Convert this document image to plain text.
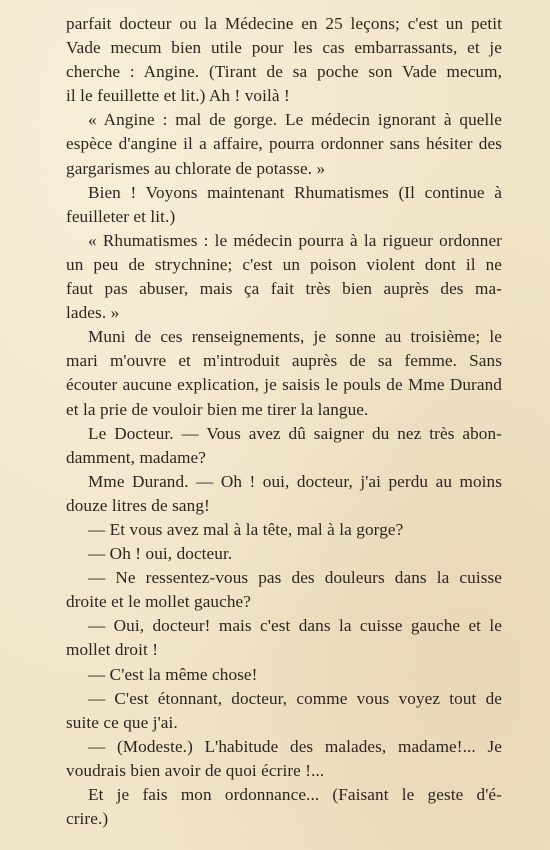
parfait docteur ou la Médecine en 25 leçons; c'est un petit
Vade mecum bien utile pour les cas embarrassants, et je
cherche : Angine. (Tirant de sa poche son Vade mecum,
il le feuillette et lit.) Ah ! voilà !
« Angine : mal de gorge. Le médecin ignorant à quelle
espèce d'angine il a affaire, pourra ordonner sans hésiter des
gargarismes au chlorate de potasse. »
Bien ! Voyons maintenant Rhumatismes (Il continue à
feuilleter et lit.)
« Rhumatismes : le médecin pourra à la rigueur ordonner
un peu de strychnine; c'est un poison violent dont il ne
faut pas abuser, mais ça fait très bien auprès des ma-
lades. »
Muni de ces renseignements, je sonne au troisième; le
mari m'ouvre et m'introduit auprès de sa femme. Sans
écouter aucune explication, je saisis le pouls de Mme Durand
et la prie de vouloir bien me tirer la langue.
Le Docteur. — Vous avez dû saigner du nez très abon-
damment, madame?
Mme Durand. — Oh ! oui, docteur, j'ai perdu au moins
douze litres de sang!
— Et vous avez mal à la tête, mal à la gorge?
— Oh ! oui, docteur.
— Ne ressentez-vous pas des douleurs dans la cuisse
droite et le mollet gauche?
— Oui, docteur! mais c'est dans la cuisse gauche et le
mollet droit !
— C'est la même chose!
— C'est étonnant, docteur, comme vous voyez tout de
suite ce que j'ai.
— (Modeste.) L'habitude des malades, madame!... Je
voudrais bien avoir de quoi écrire !...
Et je fais mon ordonnance... (Faisant le geste d'é-
crire.)
